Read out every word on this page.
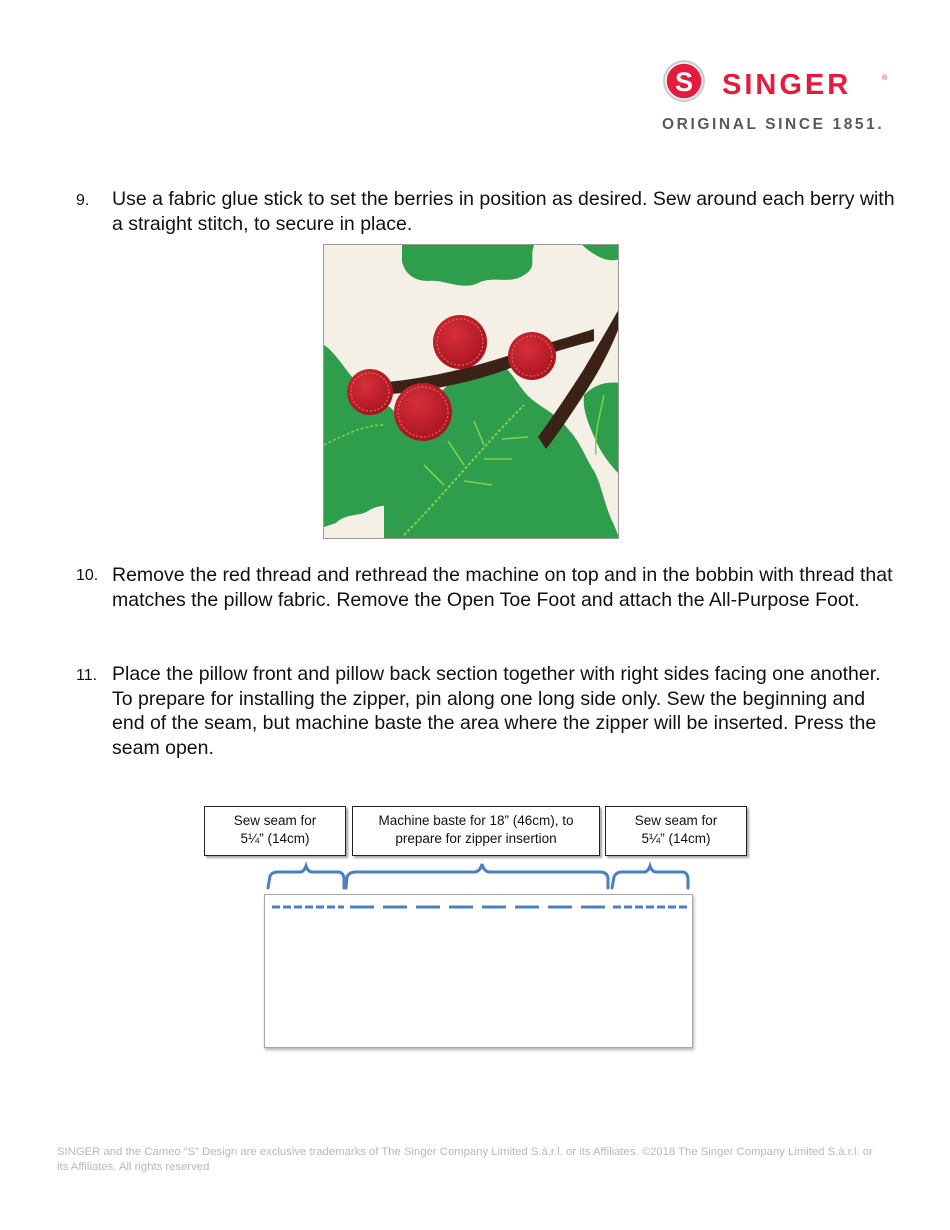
S SINGER	®
ORIGINAL SINCE 1851.
9. Use a fabric glue stick to set the berries in position as desired. Sew around each berry with a straight stitch, to secure in place.
10. Remove the red thread and rethread the machine on top and in the bobbin with thread that matches the pillow fabric. Remove the Open Toe Foot and attach the All-Purpose Foot.
11. Place the pillow front and pillow back section together with right sides facing one another. To prepare for installing the zipper, pin along one long side only. Sew the beginning and end of the seam, but machine baste the area where the zipper will be inserted. Press the seam open.
Sew seam for
5¼” (14cm)
Machine baste for 18” (46cm), to
prepare for zipper insertion
Sew seam for
5¼” (14cm)
SINGER and the Cameo “S” Design are exclusive trademarks of The Singer Company Limited S.à.r.l. or its Affiliates. ©2018 The Singer Company Limited S.à.r.l. or its Affiliates. All rights reserved
